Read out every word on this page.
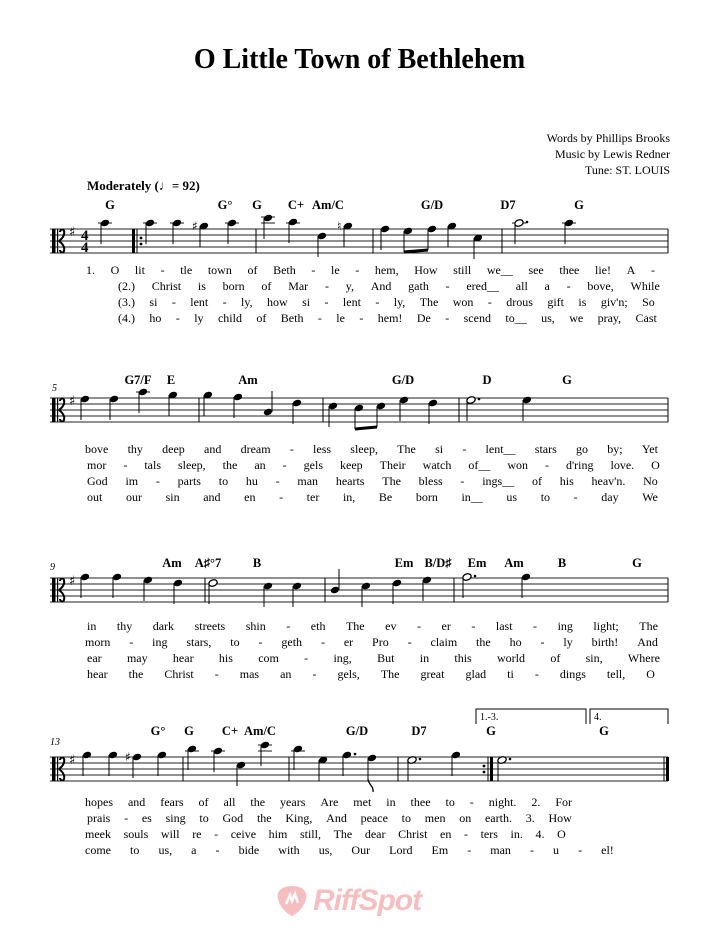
O Little Town of Bethlehem
Words by Phillips Brooks
Music by Lewis Redner
Tune: ST. LOUIS
Moderately (♩= 92)
♯ 4
4
♯	♮
♯
♯
♯	♯
G	G° G C+ Am/C	G/D	D7	G
1. O lit - tle town of Beth - le - hem, How still we__ see thee lie! A -
(2.) Christ is born of Mar - y, And gath - ered__ all a - bove, While
(3.) si - lent - ly, how si - lent - ly, The won - drous gift is giv'n; So
(4.) ho - ly child of Beth - le - hem! De - scend to__ us, we pray, Cast
5
G7/F E	Am	G/D	D	G
bove thy deep and dream - less sleep, The si - lent__ stars go by; Yet
mor - tals sleep, the an - gels keep Their watch of__ won - d'ring love. O
God im - parts to hu - man hearts The bless - ings__ of his heav'n. No
out our sin and en - ter in, Be born in__ us to - day We
9	Am A♯°7	B	Em B/D♯ Em Am	B	G
in thy dark streets shin - eth The ev - er - last - ing light; The
morn - ing stars, to - geth - er Pro - claim the ho - ly birth! And
ear may hear his com - ing, But in this world of sin, Where
hear the Christ - mas an - gels, The great glad ti - dings tell, O
13
G° G C+ Am/C	G/D	D7	G	G
1.-3.	4.
hopes and fears of all the years Are met in thee to - night. 2. For
prais - es sing to God the King, And peace to men on earth. 3. How
meek souls will re - ceive him still, The dear Christ en - ters in. 4. O
come to us, a - bide with us, Our Lord Em - man - u - el!
RiffSpot
